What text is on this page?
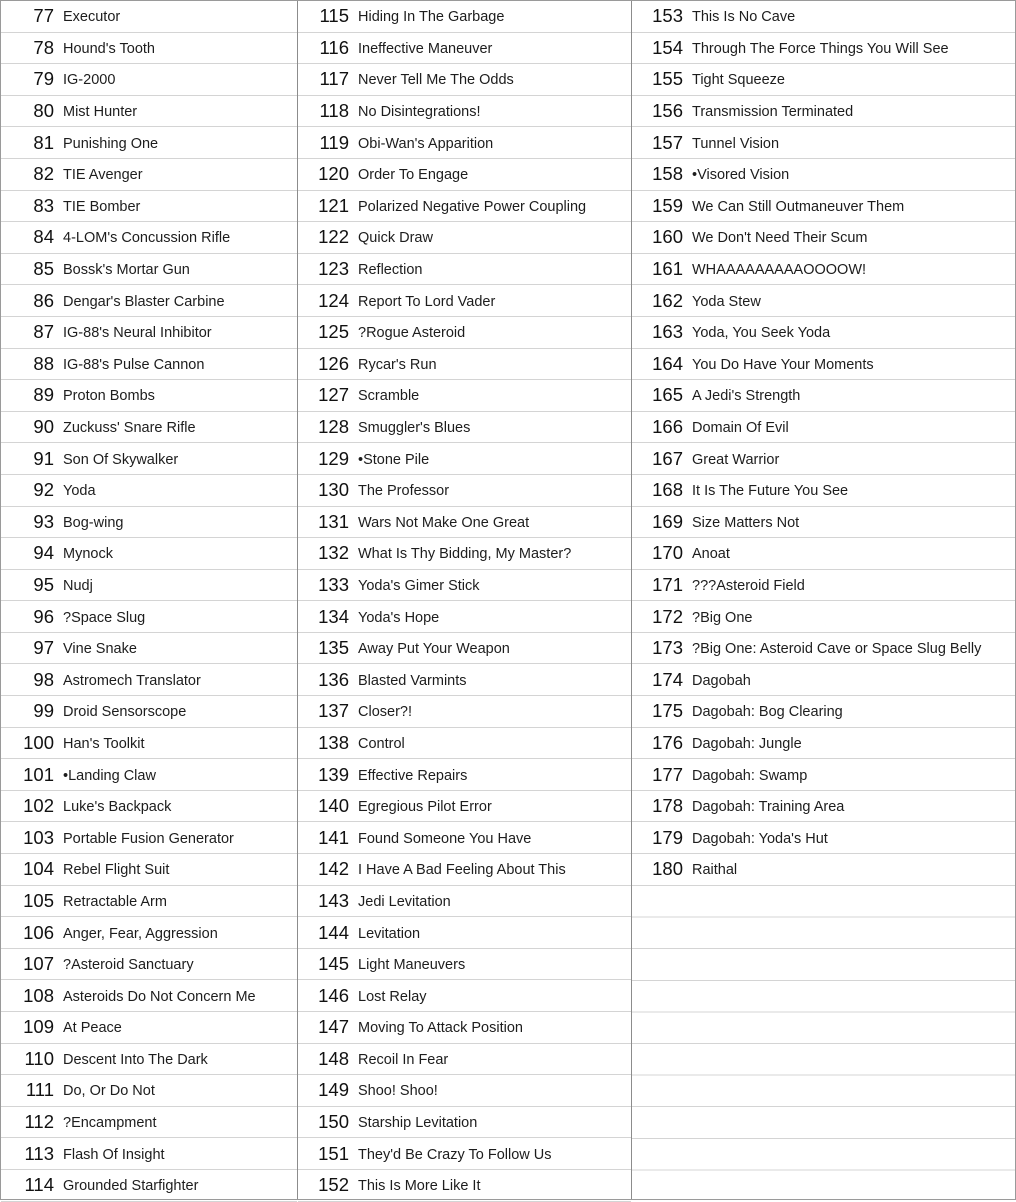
77 Executor
78 Hound's Tooth
79 IG-2000
80 Mist Hunter
81 Punishing One
82 TIE Avenger
83 TIE Bomber
84 4-LOM's Concussion Rifle
85 Bossk's Mortar Gun
86 Dengar's Blaster Carbine
87 IG-88's Neural Inhibitor
88 IG-88's Pulse Cannon
89 Proton Bombs
90 Zuckuss' Snare Rifle
91 Son Of Skywalker
92 Yoda
93 Bog-wing
94 Mynock
95 Nudj
96 ?Space Slug
97 Vine Snake
98 Astromech Translator
99 Droid Sensorscope
100 Han's Toolkit
101 •Landing Claw
102 Luke's Backpack
103 Portable Fusion Generator
104 Rebel Flight Suit
105 Retractable Arm
106 Anger, Fear, Aggression
107 ?Asteroid Sanctuary
108 Asteroids Do Not Concern Me
109 At Peace
110 Descent Into The Dark
111 Do, Or Do Not
112 ?Encampment
113 Flash Of Insight
114 Grounded Starfighter
115 Hiding In The Garbage
116 Ineffective Maneuver
117 Never Tell Me The Odds
118 No Disintegrations!
119 Obi-Wan's Apparition
120 Order To Engage
121 Polarized Negative Power Coupling
122 Quick Draw
123 Reflection
124 Report To Lord Vader
125 ?Rogue Asteroid
126 Rycar's Run
127 Scramble
128 Smuggler's Blues
129 •Stone Pile
130 The Professor
131 Wars Not Make One Great
132 What Is Thy Bidding, My Master?
133 Yoda's Gimer Stick
134 Yoda's Hope
135 Away Put Your Weapon
136 Blasted Varmints
137 Closer?!
138 Control
139 Effective Repairs
140 Egregious Pilot Error
141 Found Someone You Have
142 I Have A Bad Feeling About This
143 Jedi Levitation
144 Levitation
145 Light Maneuvers
146 Lost Relay
147 Moving To Attack Position
148 Recoil In Fear
149 Shoo! Shoo!
150 Starship Levitation
151 They'd Be Crazy To Follow Us
152 This Is More Like It
153 This Is No Cave
154 Through The Force Things You Will See
155 Tight Squeeze
156 Transmission Terminated
157 Tunnel Vision
158 •Visored Vision
159 We Can Still Outmaneuver Them
160 We Don't Need Their Scum
161 WHAAAAAAAAAOOOOW!
162 Yoda Stew
163 Yoda, You Seek Yoda
164 You Do Have Your Moments
165 A Jedi's Strength
166 Domain Of Evil
167 Great Warrior
168 It Is The Future You See
169 Size Matters Not
170 Anoat
171 ???Asteroid Field
172 ?Big One
173 ?Big One: Asteroid Cave or Space Slug Belly
174 Dagobah
175 Dagobah: Bog Clearing
176 Dagobah: Jungle
177 Dagobah: Swamp
178 Dagobah: Training Area
179 Dagobah: Yoda's Hut
180 Raithal
